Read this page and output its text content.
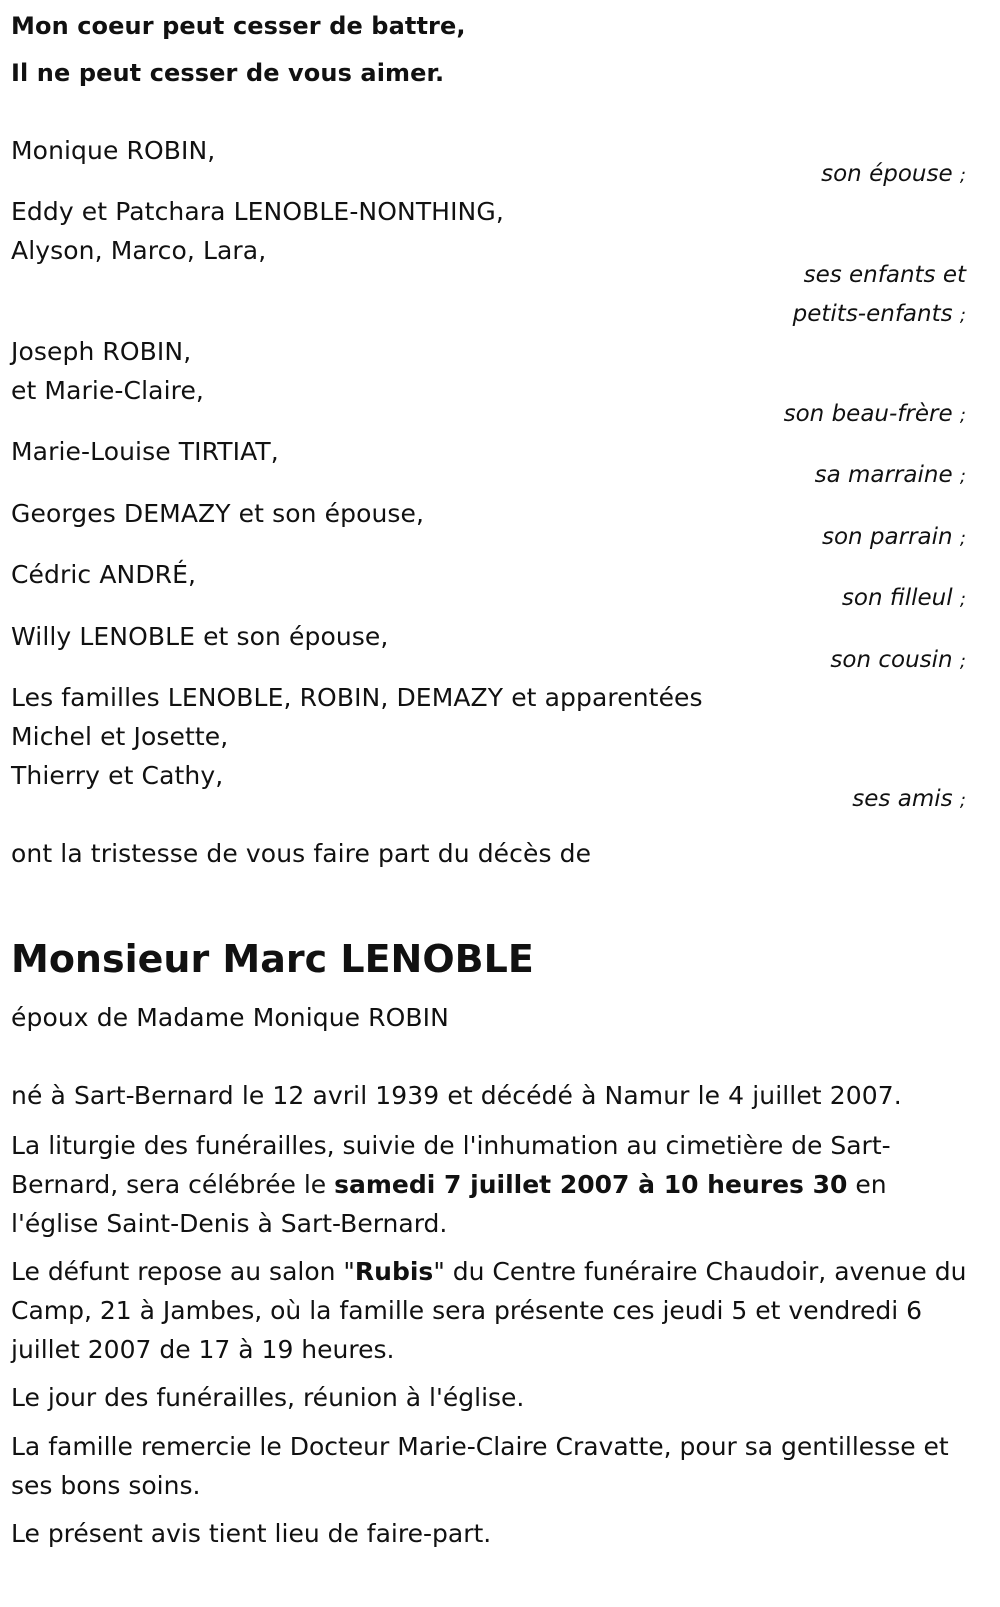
Mon coeur peut cesser de battre,
Il ne peut cesser de vous aimer.
Monique ROBIN,
son épouse ;
Eddy et Patchara LENOBLE-NONTHING,
Alyson, Marco, Lara,
ses enfants et
petits-enfants ;
Joseph ROBIN,
et Marie-Claire,
son beau-frère ;
Marie-Louise TIRTIAT,
sa marraine ;
Georges DEMAZY et son épouse,
son parrain ;
Cédric ANDRÉ,
son filleul ;
Willy LENOBLE et son épouse,
son cousin ;
Les familles LENOBLE, ROBIN, DEMAZY et apparentées
Michel et Josette,
Thierry et Cathy,
ses amis ;
ont la tristesse de vous faire part du décès de
Monsieur Marc LENOBLE
époux de Madame Monique ROBIN
né à Sart-Bernard le 12 avril 1939 et décédé à Namur le 4 juillet 2007.
La liturgie des funérailles, suivie de l'inhumation au cimetière de Sart-Bernard, sera célébrée le samedi 7 juillet 2007 à 10 heures 30 en l'église Saint-Denis à Sart-Bernard.
Le défunt repose au salon "Rubis" du Centre funéraire Chaudoir, avenue du Camp, 21 à Jambes, où la famille sera présente ces jeudi 5 et vendredi 6 juillet 2007 de 17 à 19 heures.
Le jour des funérailles, réunion à l'église.
La famille remercie le Docteur Marie-Claire Cravatte, pour sa gentillesse et ses bons soins.
Le présent avis tient lieu de faire-part.
